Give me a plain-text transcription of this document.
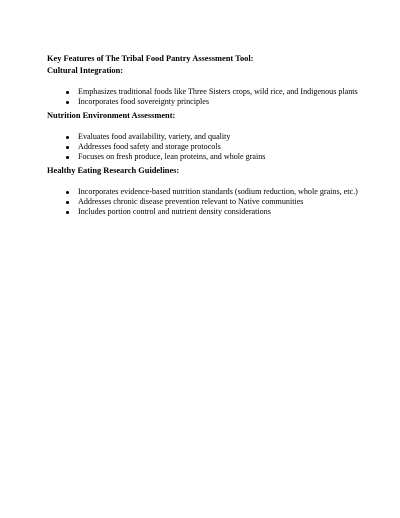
Key Features of The Tribal Food Pantry Assessment Tool:

Cultural Integration:

Emphasizes traditional foods like Three Sisters crops, wild rice, and Indigenous plants
Incorporates food sovereignty principles

Nutrition Environment Assessment:

Evaluates food availability, variety, and quality
Addresses food safety and storage protocols
Focuses on fresh produce, lean proteins, and whole grains

Healthy Eating Research Guidelines:

Incorporates evidence-based nutrition standards (sodium reduction, whole grains, etc.)
Addresses chronic disease prevention relevant to Native communities
Includes portion control and nutrient density considerations
